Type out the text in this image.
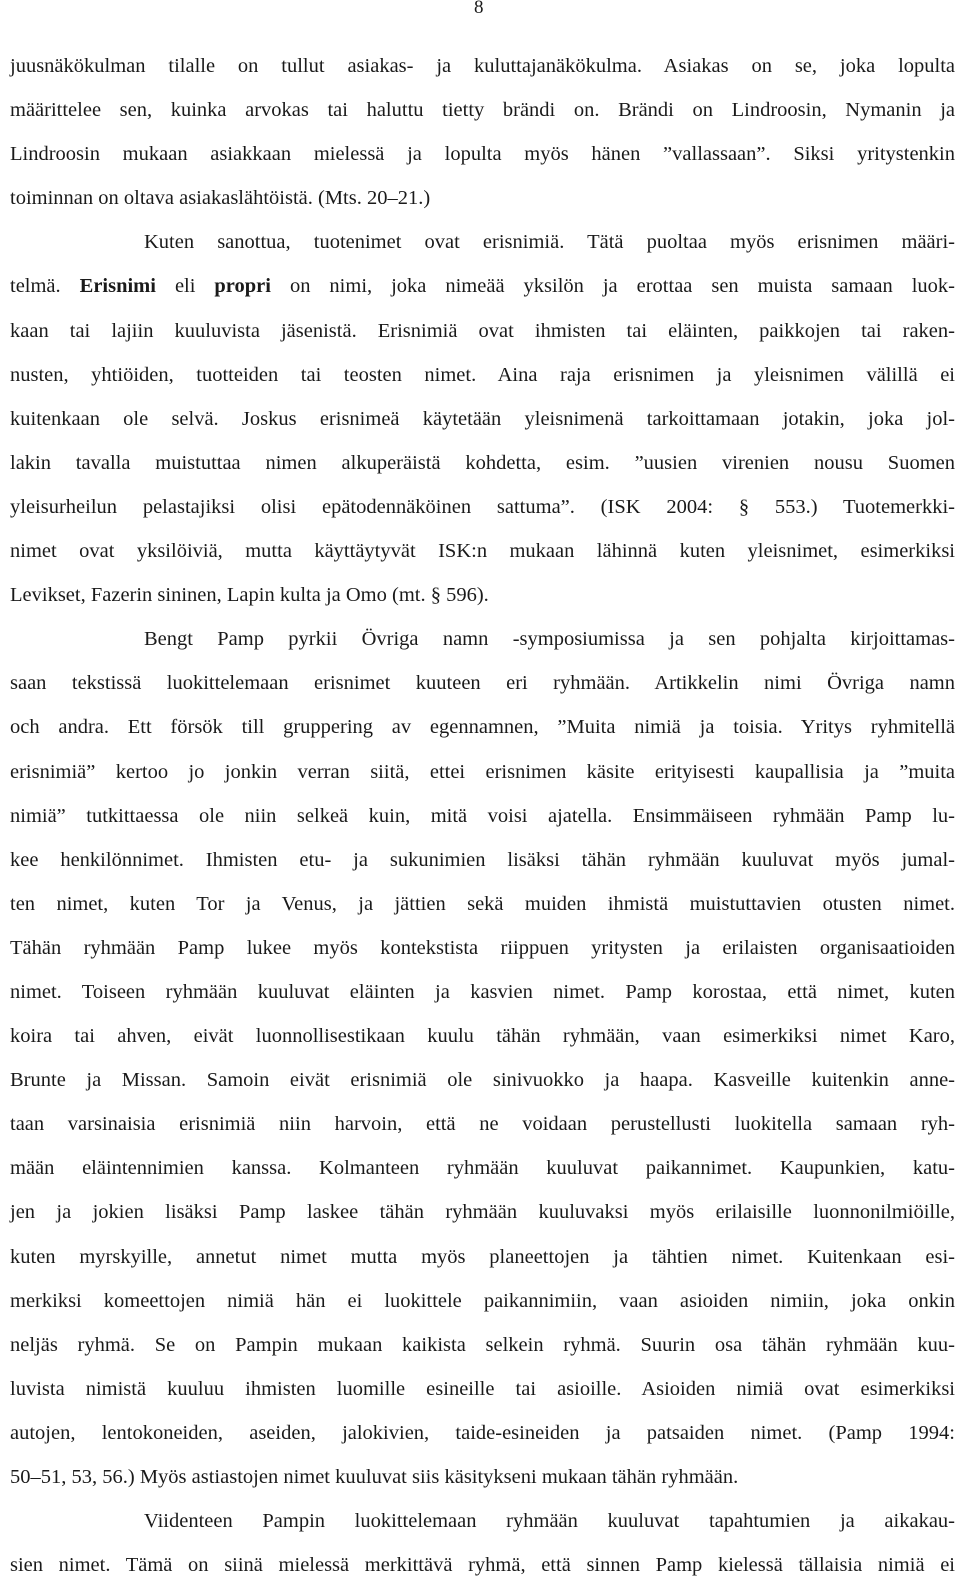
8
juusnäkökulman tilalle on tullut asiakas- ja kuluttajanäkökulma. Asiakas on se, joka lopulta
määrittelee sen, kuinka arvokas tai haluttu tietty brändi on. Brändi on Lindroosin, Nymanin ja
Lindroosin mukaan asiakkaan mielessä ja lopulta myös hänen ”vallassaan”. Siksi yritystenkin
toiminnan on oltava asiakaslähtöistä. (Mts. 20–21.)
Kuten sanottua, tuotenimet ovat erisnimiä. Tätä puoltaa myös erisnimen määri-
telmä. Erisnimi eli propri on nimi, joka nimeää yksilön ja erottaa sen muista samaan luok-
kaan tai lajiin kuuluvista jäsenistä. Erisnimiä ovat ihmisten tai eläinten, paikkojen tai raken-
nusten, yhtiöiden, tuotteiden tai teosten nimet. Aina raja erisnimen ja yleisnimen välillä ei
kuitenkaan ole selvä. Joskus erisnimeä käytetään yleisnimenä tarkoittamaan jotakin, joka jol-
lakin tavalla muistuttaa nimen alkuperäistä kohdetta, esim. ”uusien virenien nousu Suomen
yleisurheilun pelastajiksi olisi epätodennäköinen sattuma”. (ISK 2004: § 553.) Tuotemerkki-
nimet ovat yksilöiviä, mutta käyttäytyvät ISK:n mukaan lähinnä kuten yleisnimet, esimerkiksi
Levikset, Fazerin sininen, Lapin kulta ja Omo (mt. § 596).
Bengt Pamp pyrkii Övriga namn -symposiumissa ja sen pohjalta kirjoittamas-
saan tekstissä luokittelemaan erisnimet kuuteen eri ryhmään. Artikkelin nimi Övriga namn
och andra. Ett försök till gruppering av egennamnen, ”Muita nimiä ja toisia. Yritys ryhmitellä
erisnimiä” kertoo jo jonkin verran siitä, ettei erisnimen käsite erityisesti kaupallisia ja ”muita
nimiä” tutkittaessa ole niin selkeä kuin, mitä voisi ajatella. Ensimmäiseen ryhmään Pamp lu-
kee henkilönnimet. Ihmisten etu- ja sukunimien lisäksi tähän ryhmään kuuluvat myös jumal-
ten nimet, kuten Tor ja Venus, ja jättien sekä muiden ihmistä muistuttavien otusten nimet.
Tähän ryhmään Pamp lukee myös kontekstista riippuen yritysten ja erilaisten organisaatioiden
nimet. Toiseen ryhmään kuuluvat eläinten ja kasvien nimet. Pamp korostaa, että nimet, kuten
koira tai ahven, eivät luonnollisestikaan kuulu tähän ryhmään, vaan esimerkiksi nimet Karo,
Brunte ja Missan. Samoin eivät erisnimiä ole sinivuokko ja haapa. Kasveille kuitenkin anne-
taan varsinaisia erisnimiä niin harvoin, että ne voidaan perustellusti luokitella samaan ryh-
mään eläintennimien kanssa. Kolmanteen ryhmään kuuluvat paikannimet. Kaupunkien, katu-
jen ja jokien lisäksi Pamp laskee tähän ryhmään kuuluvaksi myös erilaisille luonnonilmiöille,
kuten myrskyille, annetut nimet mutta myös planeettojen ja tähtien nimet. Kuitenkaan esi-
merkiksi komeettojen nimiä hän ei luokittele paikannimiin, vaan asioiden nimiin, joka onkin
neljäs ryhmä. Se on Pampin mukaan kaikista selkein ryhmä. Suurin osa tähän ryhmään kuu-
luvista nimistä kuuluu ihmisten luomille esineille tai asioille. Asioiden nimiä ovat esimerkiksi
autojen, lentokoneiden, aseiden, jalokivien, taide-esineiden ja patsaiden nimet. (Pamp 1994:
50–51, 53, 56.) Myös astiastojen nimet kuuluvat siis käsitykseni mukaan tähän ryhmään.
Viidenteen Pampin luokittelemaan ryhmään kuuluvat tapahtumien ja aikakau-
sien nimet. Tämä on siinä mielessä merkittävä ryhmä, että sinnen Pamp kielessä tällaisia nimiä ei
